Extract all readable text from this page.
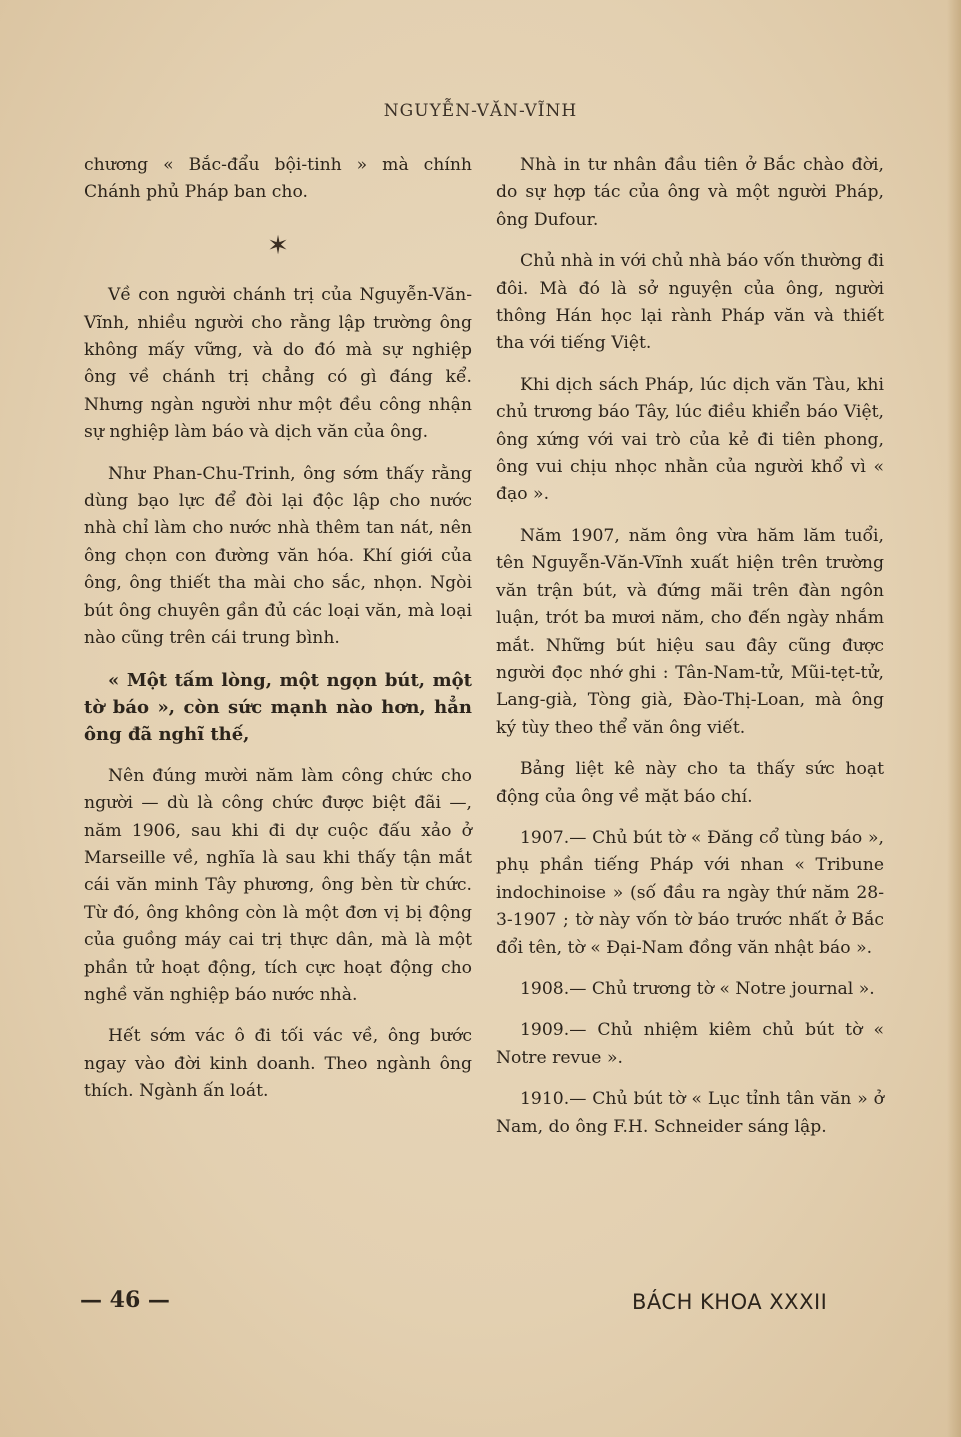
NGUYỄN-VĂN-VĨNH

chương « Bắc-đẩu bội-tinh » mà chính Chánh phủ Pháp ban cho.

✶

Về con người chánh trị của Nguyễn-Văn-Vĩnh, nhiều người cho rằng lập trường ông không mấy vững, và do đó mà sự nghiệp ông về chánh trị chẳng có gì đáng kể. Nhưng ngàn người như một đều công nhận sự nghiệp làm báo và dịch văn của ông.

Như Phan-Chu-Trinh, ông sớm thấy rằng dùng bạo lực để đòi lại độc lập cho nước nhà chỉ làm cho nước nhà thêm tan nát, nên ông chọn con đường văn hóa. Khí giới của ông, ông thiết tha mài cho sắc, nhọn. Ngòi bút ông chuyên gần đủ các loại văn, mà loại nào cũng trên cái trung bình.

« Một tấm lòng, một ngọn bút, một tờ báo », còn sức mạnh nào hơn, hẳn ông đã nghĩ thế,

Nên đúng mười năm làm công chức cho người — dù là công chức được biệt đãi —, năm 1906, sau khi đi dự cuộc đấu xảo ở Marseille về, nghĩa là sau khi thấy tận mắt cái văn minh Tây phương, ông bèn từ chức. Từ đó, ông không còn là một đơn vị bị động của guồng máy cai trị thực dân, mà là một phần tử hoạt động, tích cực hoạt động cho nghề văn nghiệp báo nước nhà.

Hết sớm vác ô đi tối vác về, ông bước ngay vào đời kinh doanh. Theo ngành ông thích. Ngành ấn loát.

Nhà in tư nhân đầu tiên ở Bắc chào đời, do sự hợp tác của ông và một người Pháp, ông Dufour.

Chủ nhà in với chủ nhà báo vốn thường đi đôi. Mà đó là sở nguyện của ông, người thông Hán học lại rành Pháp văn và thiết tha với tiếng Việt.

Khi dịch sách Pháp, lúc dịch văn Tàu, khi chủ trương báo Tây, lúc điều khiển báo Việt, ông xứng với vai trò của kẻ đi tiên phong, ông vui chịu nhọc nhằn của người khổ vì « đạo ».

Năm 1907, năm ông vừa hăm lăm tuổi, tên Nguyễn-Văn-Vĩnh xuất hiện trên trường văn trận bút, và đứng mãi trên đàn ngôn luận, trót ba mươi năm, cho đến ngày nhắm mắt. Những bút hiệu sau đây cũng được người đọc nhớ ghi : Tân-Nam-tử, Mũi-tẹt-tử, Lang-già, Tòng già, Đào-Thị-Loan, mà ông ký tùy theo thể văn ông viết.

Bảng liệt kê này cho ta thấy sức hoạt động của ông về mặt báo chí.

1907.— Chủ bút tờ « Đăng cổ tùng báo », phụ phần tiếng Pháp với nhan « Tribune indochinoise » (số đầu ra ngày thứ năm 28-3-1907 ; tờ này vốn tờ báo trước nhất ở Bắc đổi tên, tờ « Đại-Nam đồng văn nhật báo ».

1908.— Chủ trương tờ « Notre journal ».

1909.— Chủ nhiệm kiêm chủ bút tờ « Notre revue ».

1910.— Chủ bút tờ « Lục tỉnh tân văn » ở Nam, do ông F.H. Schneider sáng lập.

— 46 —	BÁCH KHOA XXXII
